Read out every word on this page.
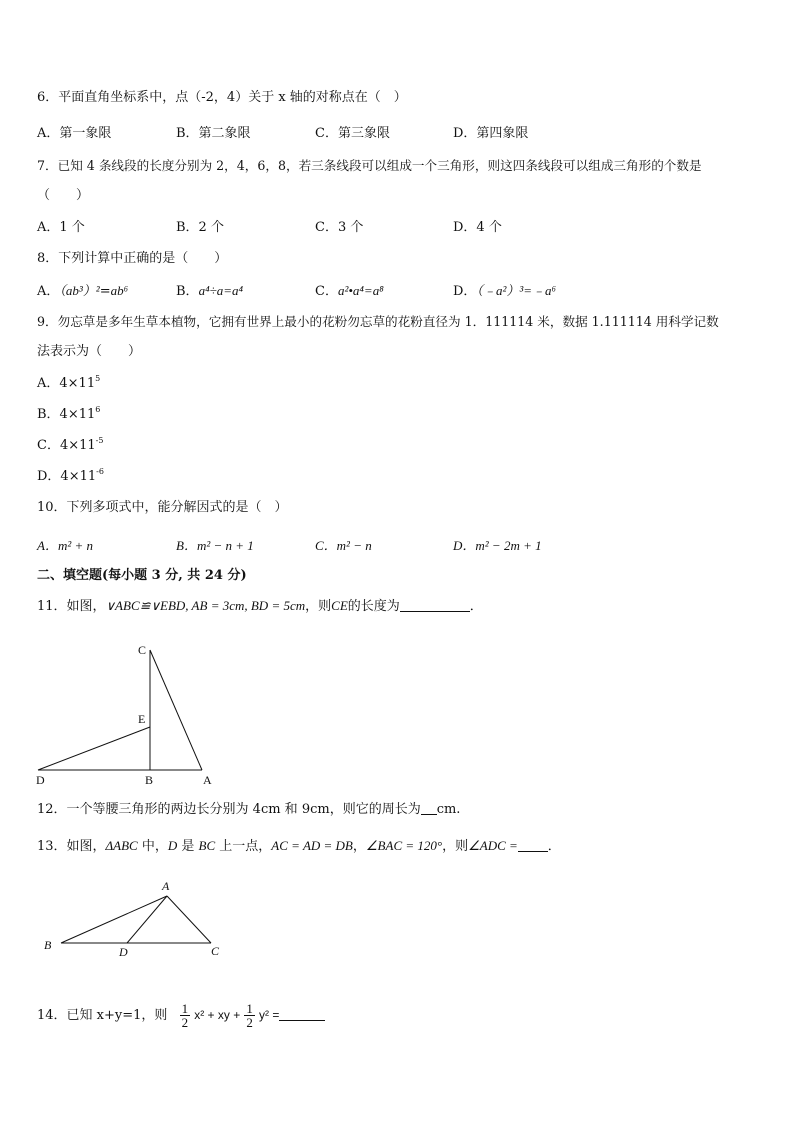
6．平面直角坐标系中，点（-2，4）关于 x 轴的对称点在（　）
A．第一象限	B．第二象限	C．第三象限	D．第四象限
7．已知 4 条线段的长度分别为 2，4，6，8，若三条线段可以组成一个三角形，则这四条线段可以组成三角形的个数是
（　　）
A．1 个	B．2 个	C．3 个	D．4 个
8．下列计算中正确的是（　　）
A．（ab³）²=ab⁶	B．a⁴÷a=a⁴	C．a²•a⁴=a⁸	D．（﹣a²）³=﹣a⁶
9．勿忘草是多年生草本植物，它拥有世界上最小的花粉勿忘草的花粉直径为 1．111114 米，数据 1.111114 用科学记数
法表示为（　　）
A．$4\times 11^5$
B．$4\times 11^6$
C．$4\times 11^{-5}$
D．$4\times 11^{-6}$
10．下列多项式中，能分解因式的是（　）
A．m² + n	B．m² − n + 1	C．m² − n	D．m² − 2m + 1
二、填空题(每小题 3 分, 共 24 分)
11．如图，∨ABC≌∨EBD, AB = 3cm, BD = 5cm，则CE的长度为	．
C
E
D	B	A
12．一个等腰三角形的两边长分别为 4cm 和 9cm，则它的周长为 cm.
13．如图，ΔABC 中，D 是 BC 上一点，AC = AD = DB，∠BAC = 120°，则∠ADC = ．
A
B	C
D
14．已知 x+y=1，则 $\frac{1}{2} x^2$ + xy + $\frac{1}{2} y^2$ =
